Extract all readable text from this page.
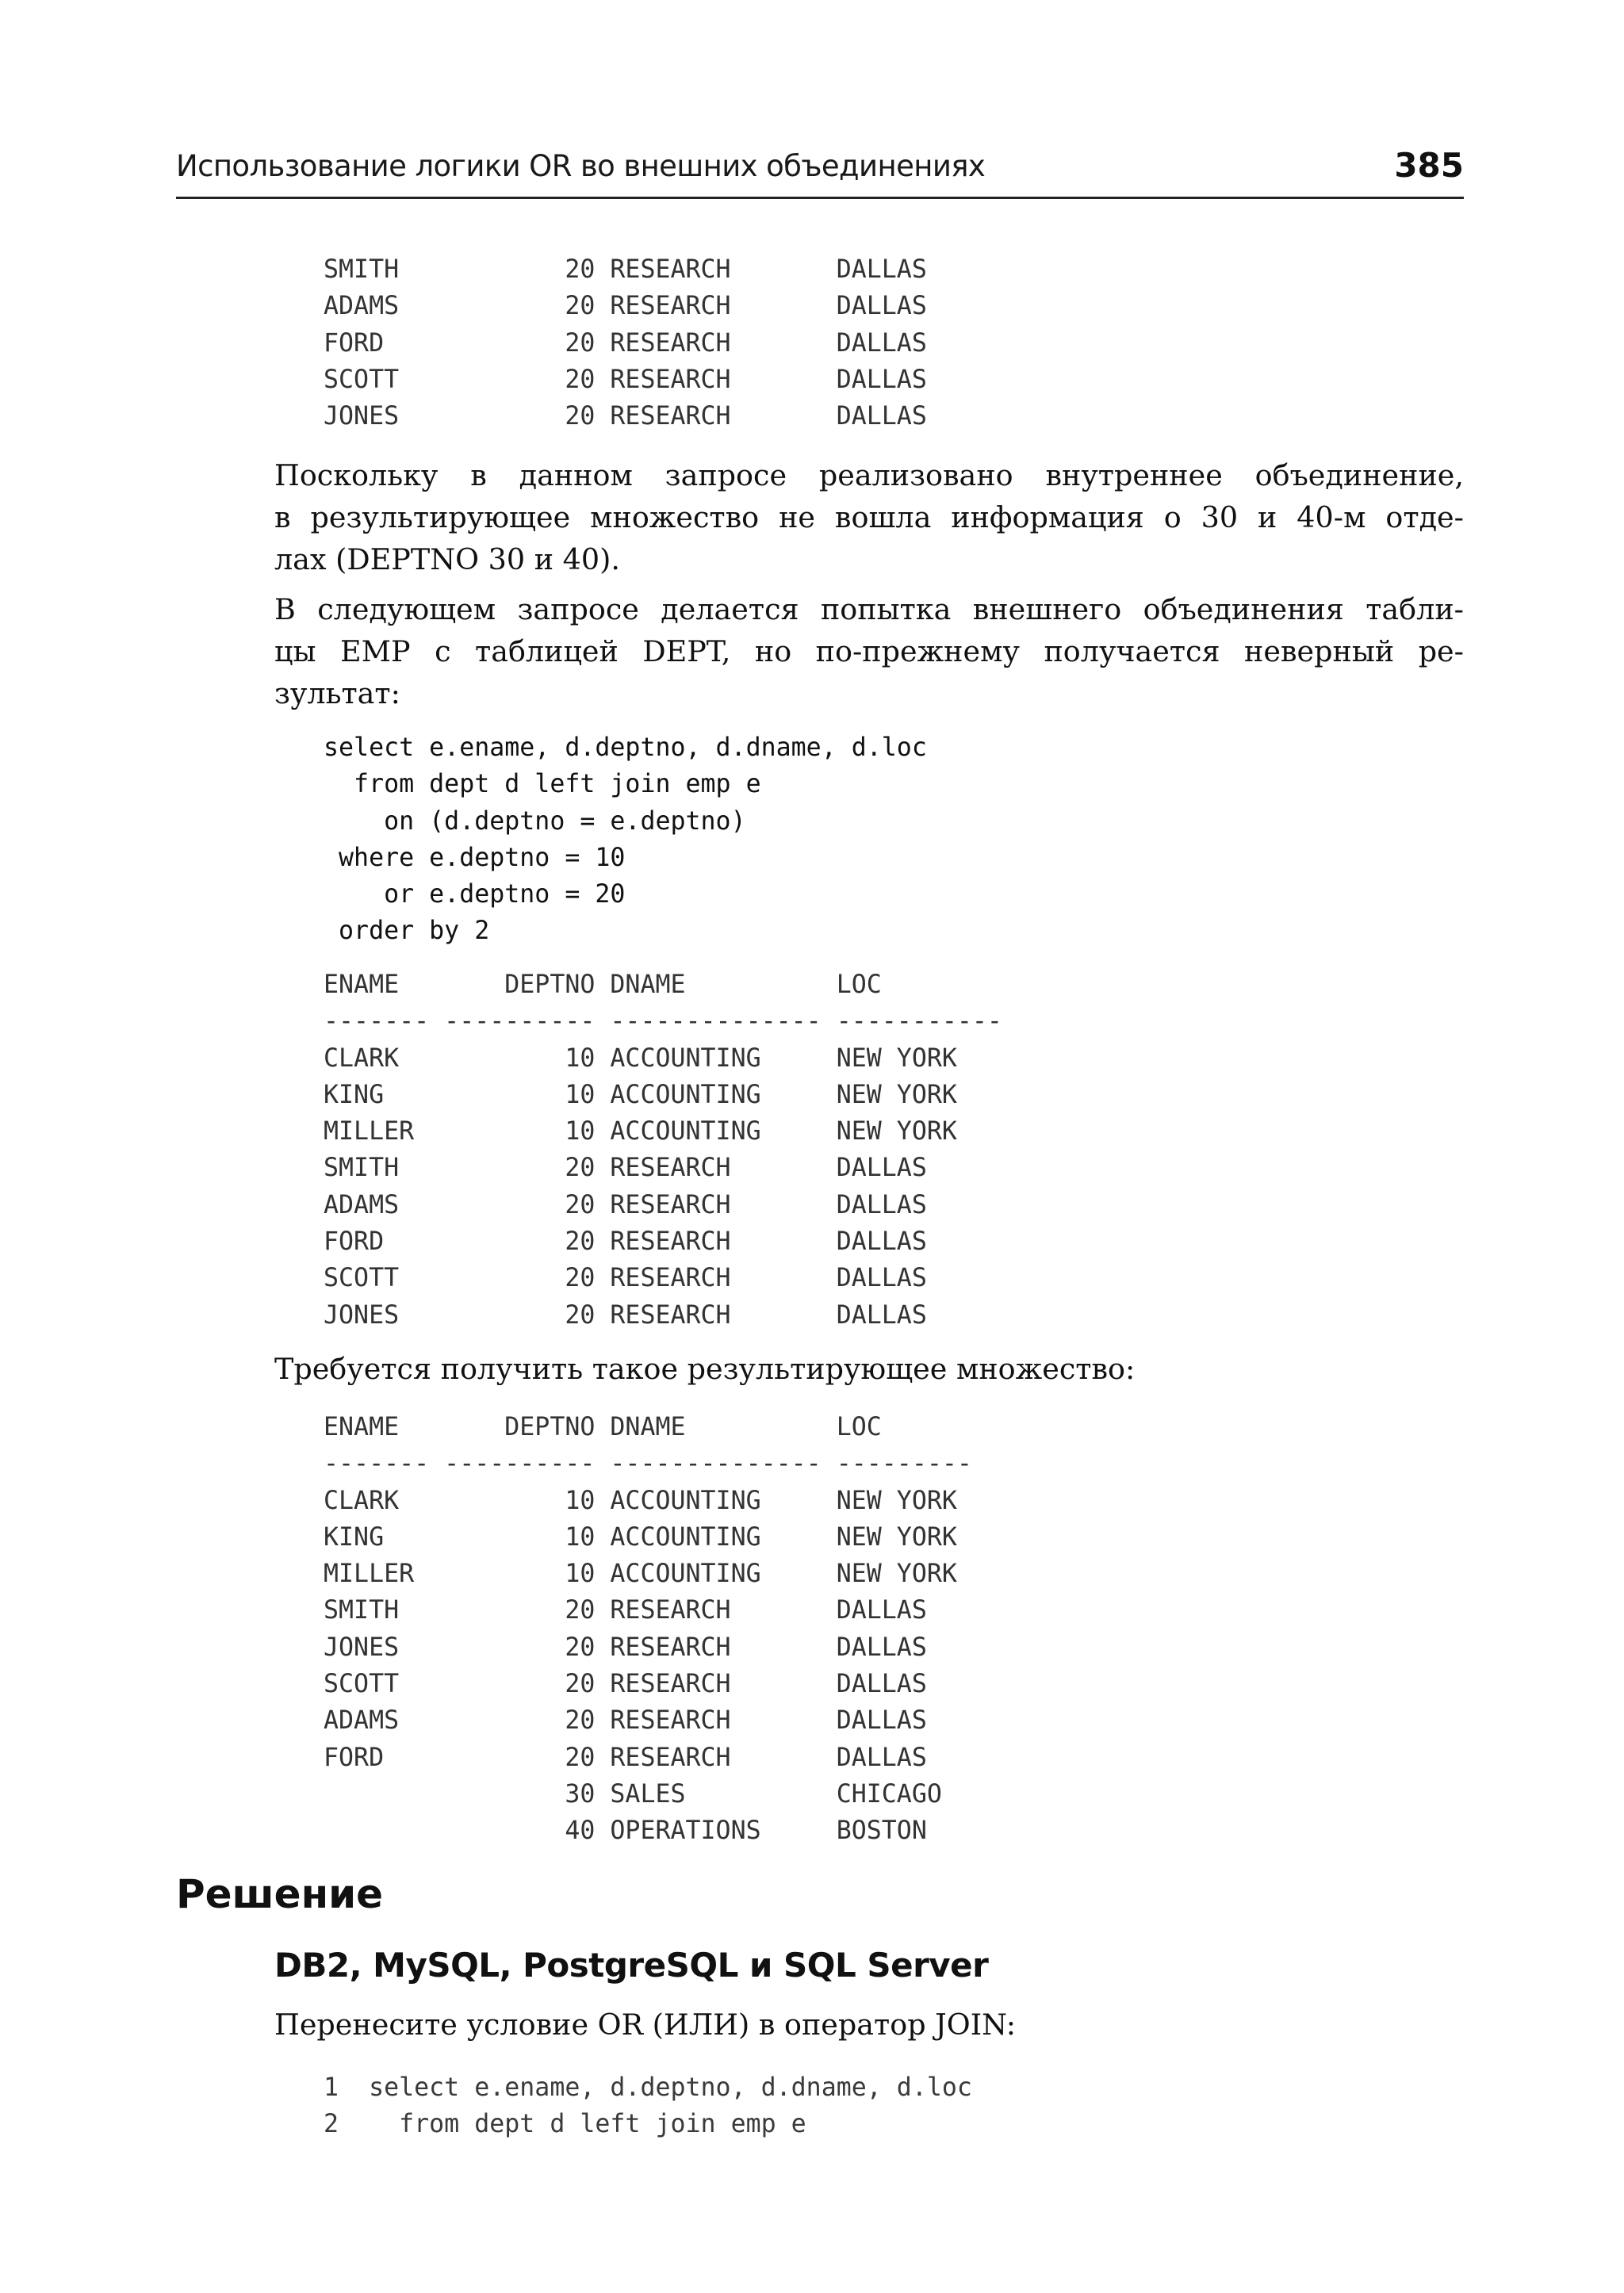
Использование логики OR во внешних объединениях	385
SMITH           20 RESEARCH       DALLAS
ADAMS           20 RESEARCH       DALLAS
FORD            20 RESEARCH       DALLAS
SCOTT           20 RESEARCH       DALLAS
JONES           20 RESEARCH       DALLAS

Поскольку в данном запросе реализовано внутреннее объединение,
в результирующее множество не вошла информация о 30 и 40-м отде-
лах (DEPTNO 30 и 40).

В следующем запросе делается попытка внешнего объединения табли-
цы EMP с таблицей DEPT, но по-прежнему получается неверный ре-
зультат:

select e.ename, d.deptno, d.dname, d.loc
from dept d left join emp e
on (d.deptno = e.deptno)
where e.deptno = 10
or e.deptno = 20
order by 2
ENAME       DEPTNO DNAME          LOC
------- ---------- -------------- -----------
CLARK           10 ACCOUNTING     NEW YORK
KING            10 ACCOUNTING     NEW YORK
MILLER          10 ACCOUNTING     NEW YORK
SMITH           20 RESEARCH       DALLAS
ADAMS           20 RESEARCH       DALLAS
FORD            20 RESEARCH       DALLAS
SCOTT           20 RESEARCH       DALLAS
JONES           20 RESEARCH       DALLAS

Требуется получить такое результирующее множество:

ENAME       DEPTNO DNAME          LOC
------- ---------- -------------- ---------
CLARK           10 ACCOUNTING     NEW YORK
KING            10 ACCOUNTING     NEW YORK
MILLER          10 ACCOUNTING     NEW YORK
SMITH           20 RESEARCH       DALLAS
JONES           20 RESEARCH       DALLAS
SCOTT           20 RESEARCH       DALLAS
ADAMS           20 RESEARCH       DALLAS
FORD            20 RESEARCH       DALLAS
30 SALES          CHICAGO
40 OPERATIONS     BOSTON
Решение
DB2, MySQL, PostgreSQL и SQL Server

Перенесите условие OR (ИЛИ) в оператор JOIN:

1  select e.ename, d.deptno, d.dname, d.loc
2    from dept d left join emp e
